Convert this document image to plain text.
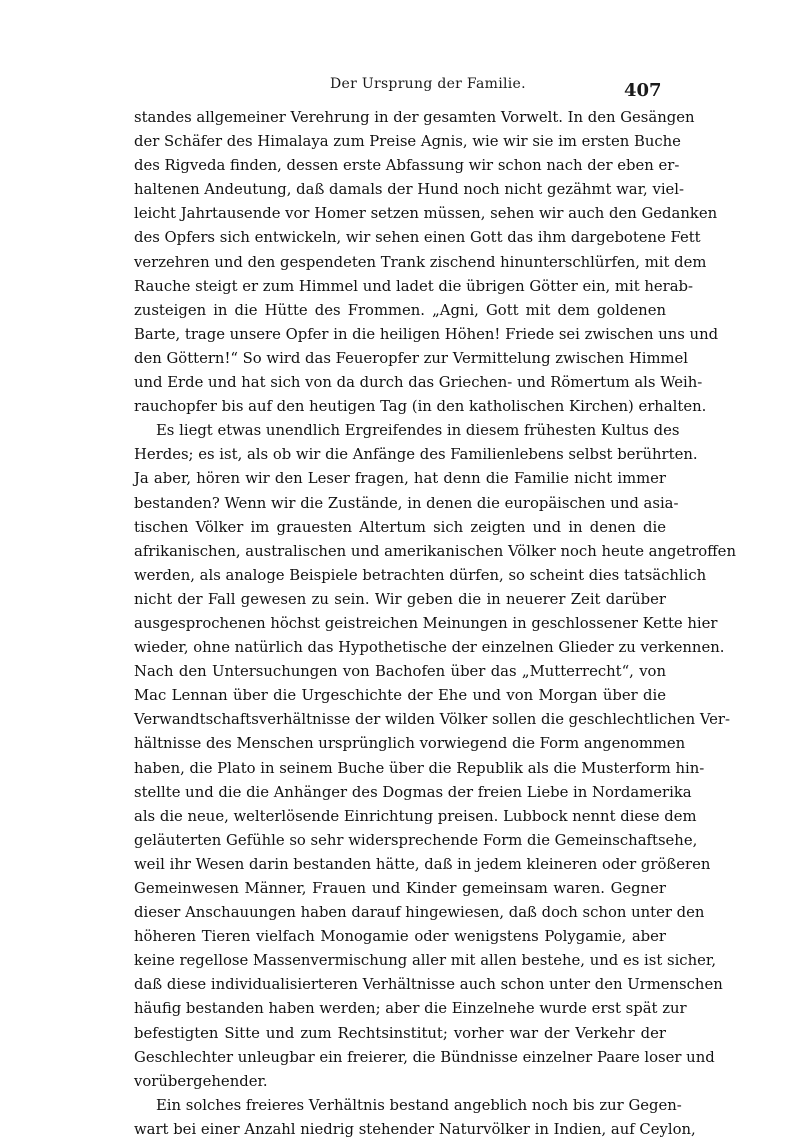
Der Ursprung der Familie.	407
standes allgemeiner Verehrung in der gesamten Vorwelt. In den Gesängen
der Schäfer des Himalaya zum Preise Agnis, wie wir sie im ersten Buche
des Rigveda finden, dessen erste Abfassung wir schon nach der eben er-
haltenen Andeutung, daß damals der Hund noch nicht gezähmt war, viel-
leicht Jahrtausende vor Homer setzen müssen, sehen wir auch den Gedanken
des Opfers sich entwickeln, wir sehen einen Gott das ihm dargebotene Fett
verzehren und den gespendeten Trank zischend hinunterschlürfen, mit dem
Rauche steigt er zum Himmel und ladet die übrigen Götter ein, mit herab-
zusteigen in die Hütte des Frommen. „Agni, Gott mit dem goldenen
Barte, trage unsere Opfer in die heiligen Höhen! Friede sei zwischen uns und
den Göttern!“ So wird das Feueropfer zur Vermittelung zwischen Himmel
und Erde und hat sich von da durch das Griechen- und Römertum als Weih-
rauchopfer bis auf den heutigen Tag (in den katholischen Kirchen) erhalten.
Es liegt etwas unendlich Ergreifendes in diesem frühesten Kultus des
Herdes; es ist, als ob wir die Anfänge des Familienlebens selbst berührten.
Ja aber, hören wir den Leser fragen, hat denn die Familie nicht immer
bestanden? Wenn wir die Zustände, in denen die europäischen und asia-
tischen Völker im grauesten Altertum sich zeigten und in denen die
afrikanischen, australischen und amerikanischen Völker noch heute angetroffen
werden, als analoge Beispiele betrachten dürfen, so scheint dies tatsächlich
nicht der Fall gewesen zu sein. Wir geben die in neuerer Zeit darüber
ausgesprochenen höchst geistreichen Meinungen in geschlossener Kette hier
wieder, ohne natürlich das Hypothetische der einzelnen Glieder zu verkennen.
Nach den Untersuchungen von Bachofen über das „Mutterrecht“, von
Mac Lennan über die Urgeschichte der Ehe und von Morgan über die
Verwandtschaftsverhältnisse der wilden Völker sollen die geschlechtlichen Ver-
hältnisse des Menschen ursprünglich vorwiegend die Form angenommen
haben, die Plato in seinem Buche über die Republik als die Musterform hin-
stellte und die die Anhänger des Dogmas der freien Liebe in Nordamerika
als die neue, welterlösende Einrichtung preisen. Lubbock nennt diese dem
geläuterten Gefühle so sehr widersprechende Form die Gemeinschaftsehe,
weil ihr Wesen darin bestanden hätte, daß in jedem kleineren oder größeren
Gemeinwesen Männer, Frauen und Kinder gemeinsam waren. Gegner
dieser Anschauungen haben darauf hingewiesen, daß doch schon unter den
höheren Tieren vielfach Monogamie oder wenigstens Polygamie, aber
keine regellose Massenvermischung aller mit allen bestehe, und es ist sicher,
daß diese individualisierteren Verhältnisse auch schon unter den Urmenschen
häufig bestanden haben werden; aber die Einzelnehe wurde erst spät zur
befestigten Sitte und zum Rechtsinstitut; vorher war der Verkehr der
Geschlechter unleugbar ein freierer, die Bündnisse einzelner Paare loser und
vorübergehender.
Ein solches freieres Verhältnis bestand angeblich noch bis zur Gegen-
wart bei einer Anzahl niedrig stehender Naturvölker in Indien, auf Ceylon,
